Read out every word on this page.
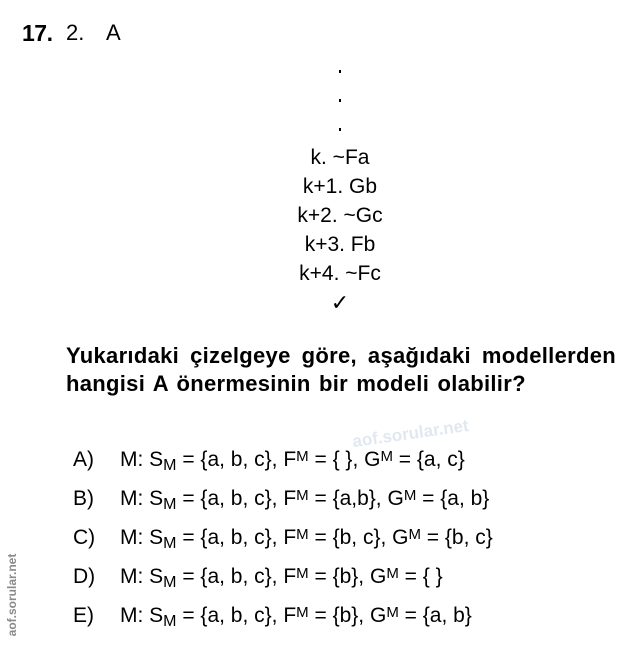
17. 2. A
k. ~Fa
k+1. Gb
k+2. ~Gc
k+3. Fb
k+4. ~Fc
✓
Yukarıdaki çizelgeye göre, aşağıdaki modellerden hangisi A önermesinin bir modeli olabilir?
aof.sorular.net
A)	M: $S_M = \{a$, b, c}, $F^M$ = { }, $G^M = \{a$, c}
B)	M: $S_M = \{a$, b, c}, $F^M = \{a,b\}$, $G^M = \{a$, b}
C)	M: $S_M = \{a$, b, c}, $F^M = \{b$, c}, $G^M = \{b$, c}
D)	M: $S_M = \{a$, b, c}, $F^M = \{b\}$, $G^M$ = { }
E)	M: $S_M = \{a$, b, c}, $F^M = \{b\}$, $G^M = \{a$, b}
aof.sorular.net
